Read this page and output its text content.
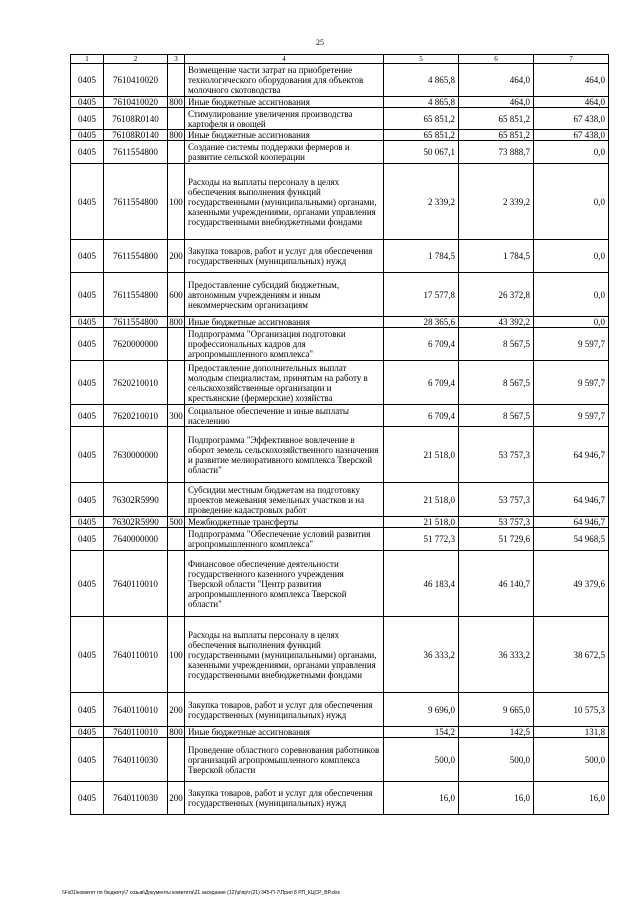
25
1	2	3	4	5	6	7
0405	7610410020		Возмещение части затрат на приобретение технологического оборудования для объектов молочного скотоводства	4 865,8	464,0	464,0
0405	7610410020	800	Иные бюджетные ассигнования	4 865,8	464,0	464,0
0405	76108R0140		Стимулирование увеличения производства картофеля и овощей	65 851,2	65 851,2	67 438,0
0405	76108R0140	800	Иные бюджетные ассигнования	65 851,2	65 851,2	67 438,0
0405	7611554800		Создание системы поддержки фермеров и развитие сельской кооперации	50 067,1	73 888,7	0,0
0405	7611554800	100	Расходы на выплаты персоналу в целях обеспечения выполнения функций государственными (муниципальными) органами, казенными учреждениями, органами управления государственными внебюджетными фондами	2 339,2	2 339,2	0,0
0405	7611554800	200	Закупка товаров, работ и услуг для обеспечения государственных (муниципальных) нужд	1 784,5	1 784,5	0,0
0405	7611554800	600	Предоставление субсидий бюджетным, автономным учреждениям и иным некоммерческим организациям	17 577,8	26 372,8	0,0
0405	7611554800	800	Иные бюджетные ассигнования	28 365,6	43 392,2	0,0
0405	7620000000		Подпрограмма "Организация подготовки профессиональных кадров для агропромышленного комплекса"	6 709,4	8 567,5	9 597,7
0405	7620210010		Предоставление дополнительных выплат молодым специалистам, принятым на работу в сельскохозяйственные организации и крестьянские (фермерские) хозяйства	6 709,4	8 567,5	9 597,7
0405	7620210010	300	Социальное обеспечение и иные выплаты населению	6 709,4	8 567,5	9 597,7
0405	7630000000		Подпрограмма "Эффективное вовлечение в оборот земель сельскохозяйственного назначения и развитие мелиоративного комплекса Тверской области"	21 518,0	53 757,3	64 946,7
0405	76302R5990		Субсидии местным бюджетам на подготовку проектов межевания земельных участков и на проведение кадастровых работ	21 518,0	53 757,3	64 946,7
0405	76302R5990	500	Межбюджетные трансферты	21 518,0	53 757,3	64 946,7
0405	7640000000		Подпрограмма "Обеспечение условий развития агропромышленного комплекса"	51 772,3	51 729,6	54 968,5
0405	7640110010		Финансовое обеспечение деятельности государственного казенного учреждения Тверской области "Центр развития агропромышленного комплекса Тверской области"	46 183,4	46 140,7	49 379,6
0405	7640110010	100	Расходы на выплаты персоналу в целях обеспечения выполнения функций государственными (муниципальными) органами, казенными учреждениями, органами управления государственными внебюджетными фондами	36 333,2	36 333,2	38 672,5
0405	7640110010	200	Закупка товаров, работ и услуг для обеспечения государственных (муниципальных) нужд	9 696,0	9 665,0	10 575,3
0405	7640110010	800	Иные бюджетные ассигнования	154,2	142,5	131,8
0405	7640110030		Проведение областного соревнования работников организаций агропромышленного комплекса Тверской области	500,0	500,0	500,0
0405	7640110030	200	Закупка товаров, работ и услуг для обеспечения государственных (муниципальных) нужд	16,0	16,0	16,0
\\Fs01\комитет по бюджету\7 созыв\Документы комитета\21 заседание (12)\р\пр\т(21) 345-П-7\Прил 8 РП_КЦСР_ВР.xlsx
